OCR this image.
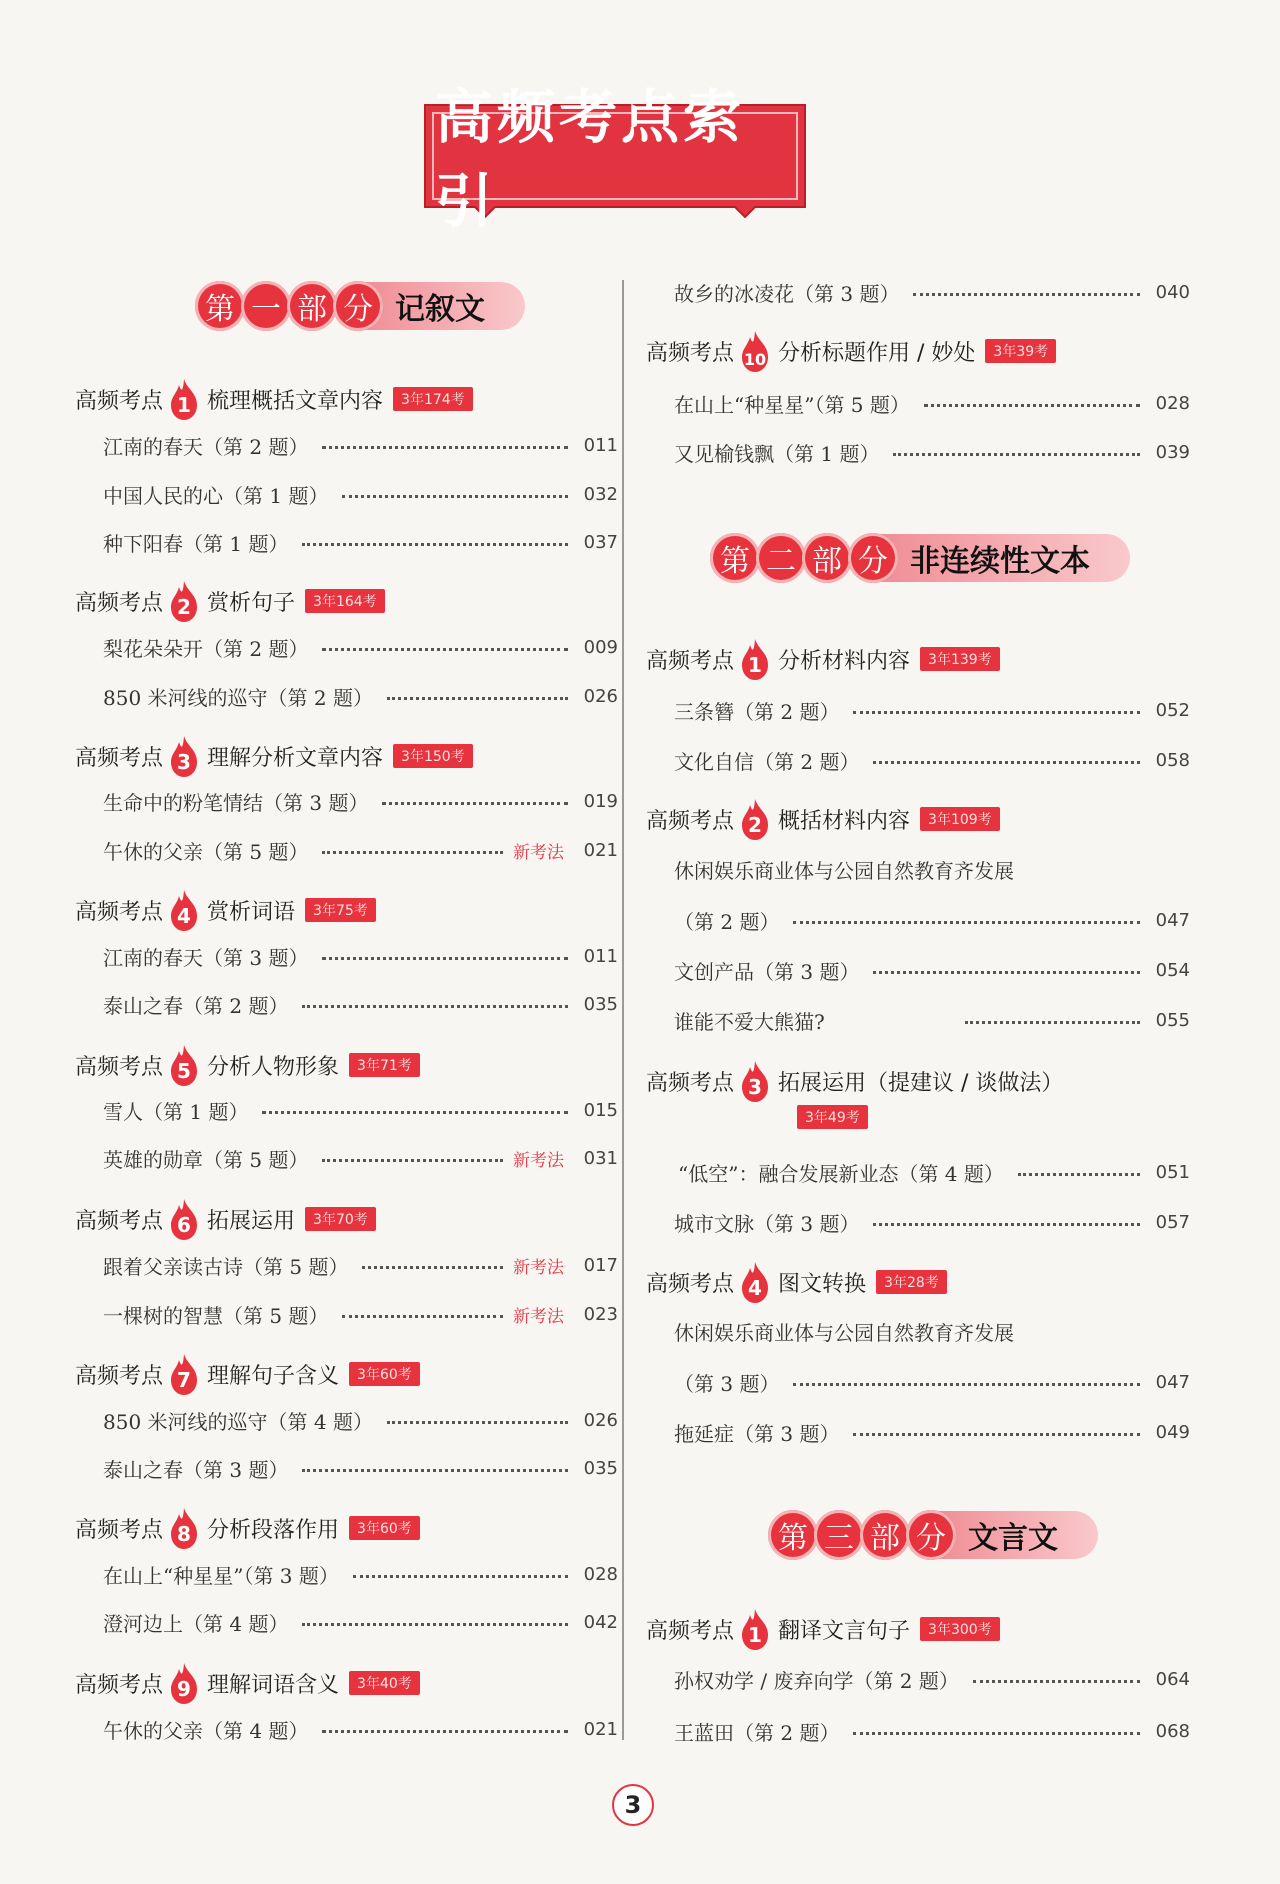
第 一 部 分 记叙文
高频考点 1 梳理概括文章内容	3年174考
江南的春天（第 2 题）	011
中国人民的心（第 1 题）	032
种下阳春（第 1 题）	037
高频考点 2 赏析句子	3年164考
梨花朵朵开（第 2 题）	009
850 米河线的巡守（第 2 题）	026
高频考点 3 理解分析文章内容	3年150考
生命中的粉笔情结（第 3 题）	019
午休的父亲（第 5 题）	新考法	021
高频考点 4 赏析词语	3年75考
江南的春天（第 3 题）	011
泰山之春（第 2 题）	035
高频考点 5 分析人物形象	3年71考
雪人（第 1 题）	015
英雄的勋章（第 5 题）	新考法	031
高频考点 6 拓展运用	3年70考
跟着父亲读古诗（第 5 题）	新考法	017
一棵树的智慧（第 5 题）	新考法	023
高频考点 7 理解句子含义	3年60考
850 米河线的巡守（第 4 题）	026
泰山之春（第 3 题）	035
高频考点 8 分析段落作用	3年60考
在山上“种星星”（第 3 题）	028
澄河边上（第 4 题）	042
高频考点 9 理解词语含义	3年40考
午休的父亲（第 4 题）	021
故乡的冰凌花（第 3 题）	040
高频考点 10 分析标题作用 / 妙处	3年39考
在山上“种星星”（第 5 题）	028
又见榆钱飘（第 1 题）	039
第 二 部 分 非连续性文本
高频考点 1 分析材料内容	3年139考
三条簪（第 2 题）	052
文化自信（第 2 题）	058
高频考点 2 概括材料内容	3年109考
休闲娱乐商业体与公园自然教育齐发展
（第 2 题）	047
文创产品（第 3 题）	054
谁能不爱大熊猫?	055
高频考点 3 拓展运用（提建议 / 谈做法）
3年49考
“低空”：融合发展新业态（第 4 题）	051
城市文脉（第 3 题）	057
高频考点 4 图文转换	3年28考
休闲娱乐商业体与公园自然教育齐发展
（第 3 题）	047
拖延症（第 3 题）	049
第 三 部 分 文言文
高频考点 1 翻译文言句子	3年300考
孙权劝学 / 废弃向学（第 2 题）	064
王蓝田（第 2 题）	068
3
